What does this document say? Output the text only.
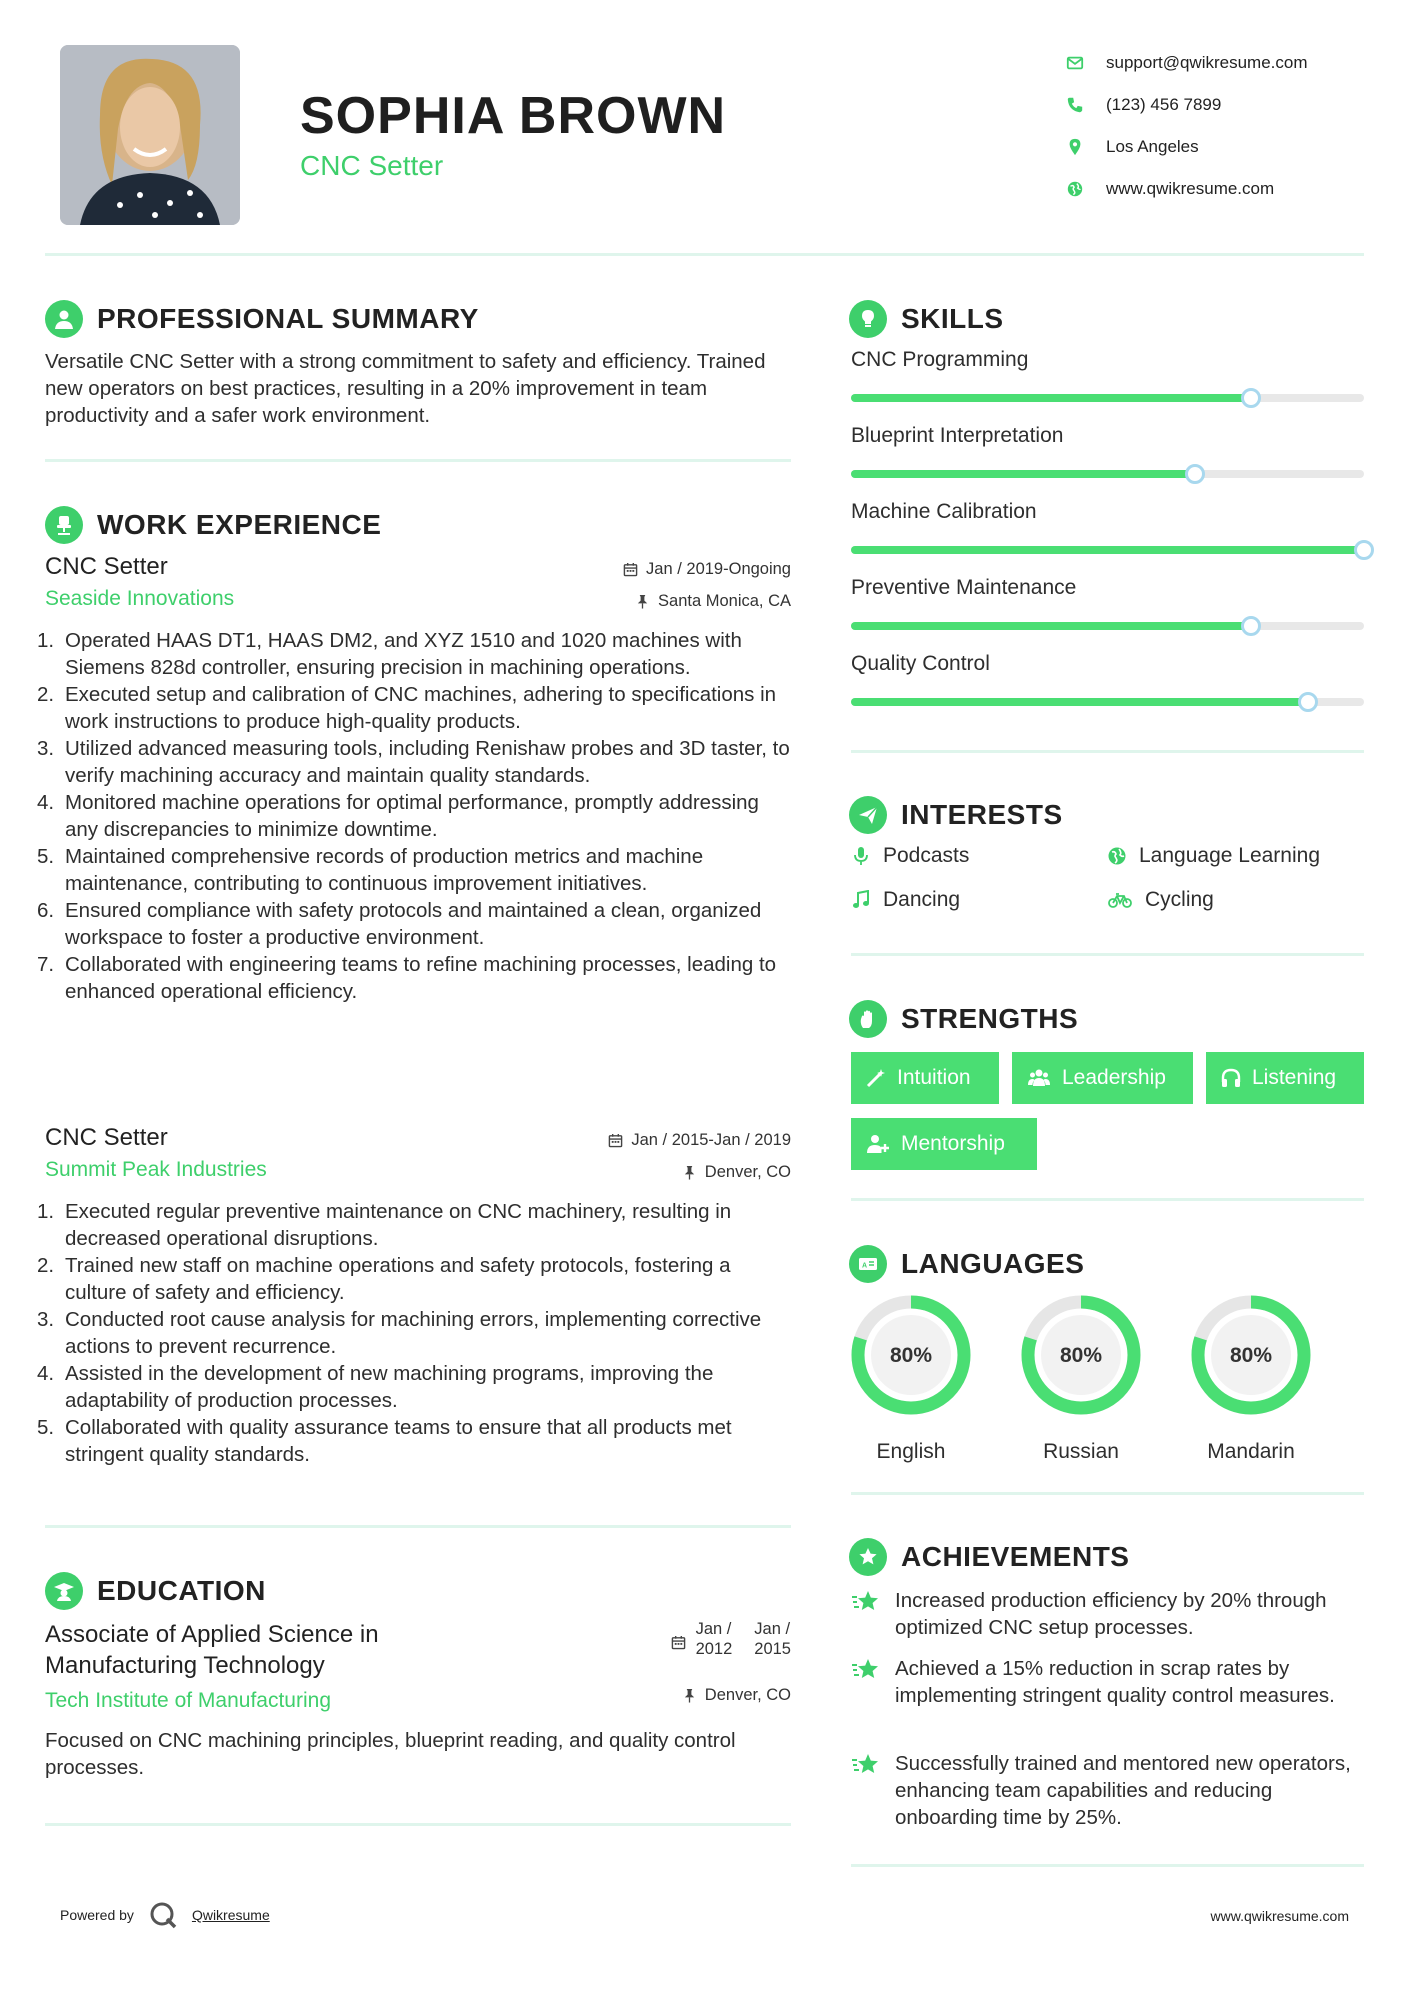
SOPHIA BROWN
CNC Setter
support@qwikresume.com
(123) 456 7899
Los Angeles
www.qwikresume.com
PROFESSIONAL SUMMARY
Versatile CNC Setter with a strong commitment to safety and efficiency. Trained new operators on best practices, resulting in a 20% improvement in team productivity and a safer work environment.
WORK EXPERIENCE
CNC Setter
Seaside Innovations
Jan / 2019-Ongoing
Santa Monica, CA
1. Operated HAAS DT1, HAAS DM2, and XYZ 1510 and 1020 machines with Siemens 828d controller, ensuring precision in machining operations.
2. Executed setup and calibration of CNC machines, adhering to specifications in work instructions to produce high-quality products.
3. Utilized advanced measuring tools, including Renishaw probes and 3D taster, to verify machining accuracy and maintain quality standards.
4. Monitored machine operations for optimal performance, promptly addressing any discrepancies to minimize downtime.
5. Maintained comprehensive records of production metrics and machine maintenance, contributing to continuous improvement initiatives.
6. Ensured compliance with safety protocols and maintained a clean, organized workspace to foster a productive environment.
7. Collaborated with engineering teams to refine machining processes, leading to enhanced operational efficiency.
CNC Setter
Summit Peak Industries
Jan / 2015-Jan / 2019
Denver, CO
1. Executed regular preventive maintenance on CNC machinery, resulting in decreased operational disruptions.
2. Trained new staff on machine operations and safety protocols, fostering a culture of safety and efficiency.
3. Conducted root cause analysis for machining errors, implementing corrective actions to prevent recurrence.
4. Assisted in the development of new machining programs, improving the adaptability of production processes.
5. Collaborated with quality assurance teams to ensure that all products met stringent quality standards.
EDUCATION
Associate of Applied Science in
Manufacturing Technology
Tech Institute of Manufacturing
Jan /
2012
Jan /
2015
Denver, CO
Focused on CNC machining principles, blueprint reading, and quality control processes.
SKILLS
CNC Programming
Blueprint Interpretation
Machine Calibration
Preventive Maintenance
Quality Control
INTERESTS
Podcasts	Language Learning
Dancing	Cycling
STRENGTHS
Intuition	Leadership	Listening
Mentorship
A LANGUAGES
80%
English
80%
Russian
80%
Mandarin
ACHIEVEMENTS
Increased production efficiency by 20% through optimized CNC setup processes.
Achieved a 15% reduction in scrap rates by implementing stringent quality control measures.
Successfully trained and mentored new operators, enhancing team capabilities and reducing onboarding time by 25%.
Powered by	Qwikresume	www.qwikresume.com
